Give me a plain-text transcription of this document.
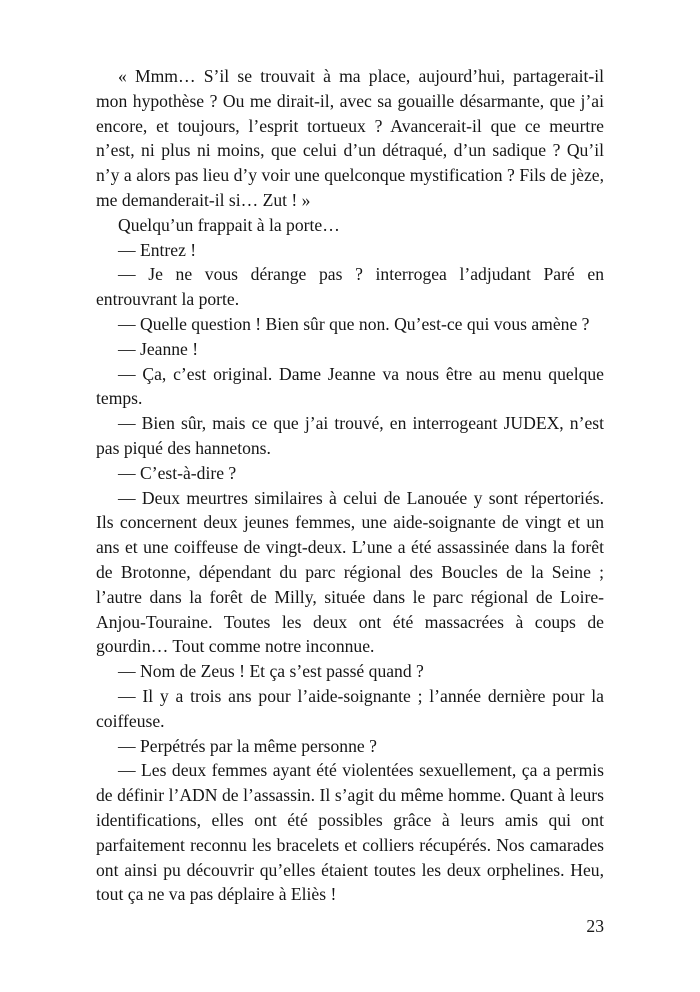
« Mmm… S’il se trouvait à ma place, aujourd’hui, partagerait-il mon hypothèse ? Ou me dirait-il, avec sa gouaille désarmante, que j’ai encore, et toujours, l’esprit tortueux ? Avancerait-il que ce meurtre n’est, ni plus ni moins, que celui d’un détraqué, d’un sadique ? Qu’il n’y a alors pas lieu d’y voir une quelconque mystification ? Fils de jèze, me demanderait-il si… Zut ! »

Quelqu’un frappait à la porte…

— Entrez !

— Je ne vous dérange pas ? interrogea l’adjudant Paré en entrouvrant la porte.

— Quelle question ! Bien sûr que non. Qu’est-ce qui vous amène ?

— Jeanne !

— Ça, c’est original. Dame Jeanne va nous être au menu quelque temps.

— Bien sûr, mais ce que j’ai trouvé, en interrogeant JUDEX, n’est pas piqué des hannetons.

— C’est-à-dire ?

— Deux meurtres similaires à celui de Lanouée y sont répertoriés. Ils concernent deux jeunes femmes, une aide-soignante de vingt et un ans et une coiffeuse de vingt-deux. L’une a été assassinée dans la forêt de Brotonne, dépendant du parc régional des Boucles de la Seine ; l’autre dans la forêt de Milly, située dans le parc régional de Loire-Anjou-Touraine. Toutes les deux ont été massacrées à coups de gourdin… Tout comme notre inconnue.

— Nom de Zeus ! Et ça s’est passé quand ?

— Il y a trois ans pour l’aide-soignante ; l’année dernière pour la coiffeuse.

— Perpétrés par la même personne ?

— Les deux femmes ayant été violentées sexuellement, ça a permis de définir l’ADN de l’assassin. Il s’agit du même homme. Quant à leurs identifications, elles ont été possibles grâce à leurs amis qui ont parfaitement reconnu les bracelets et colliers récupérés. Nos camarades ont ainsi pu découvrir qu’elles étaient toutes les deux orphelines. Heu, tout ça ne va pas déplaire à Eliès !

23
